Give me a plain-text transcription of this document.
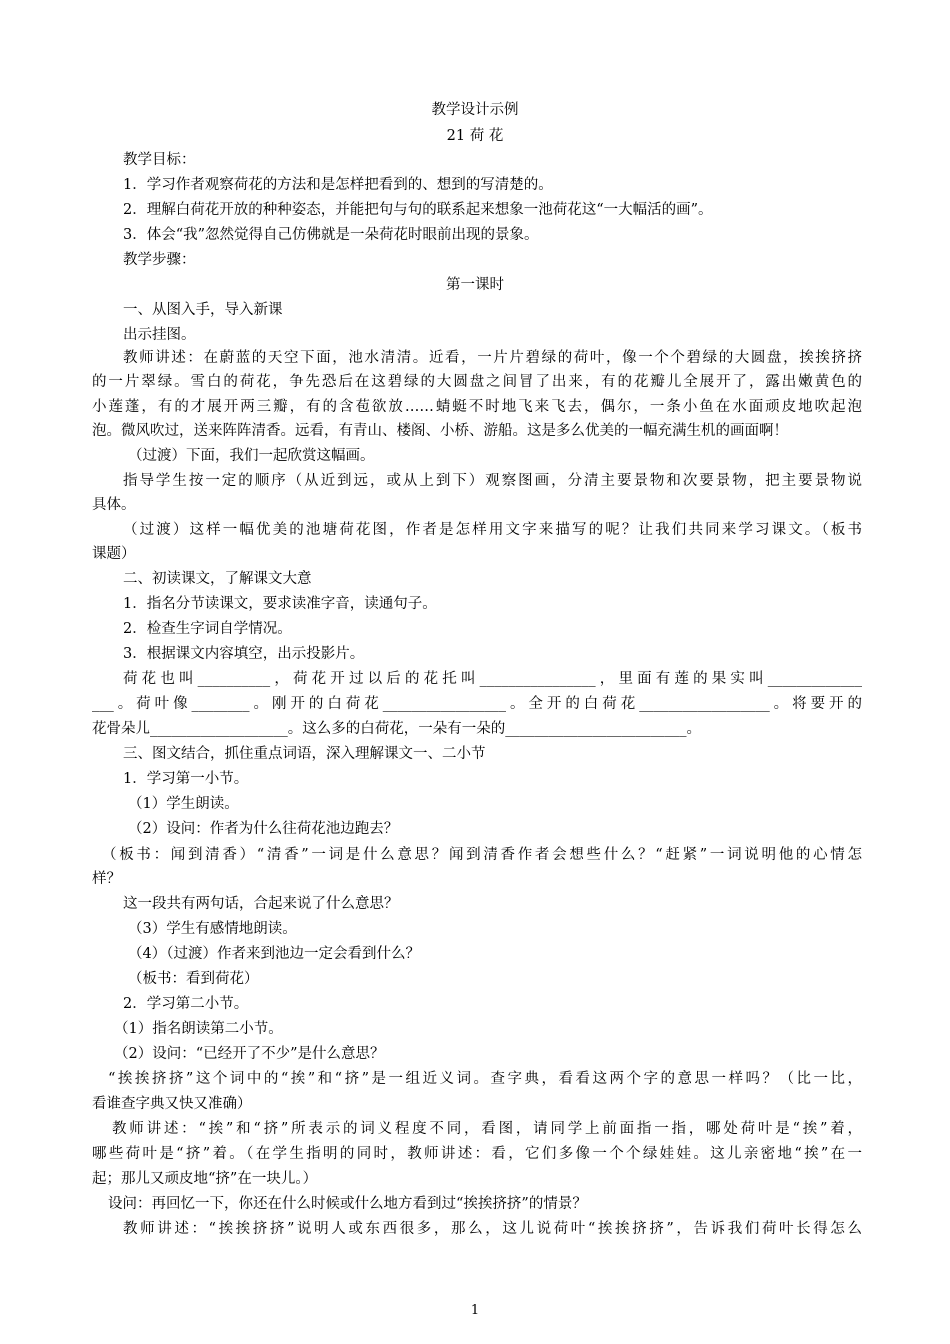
教学设计示例
21 荷 花
教学目标：
1．学习作者观察荷花的方法和是怎样把看到的、想到的写清楚的。
2．理解白荷花开放的种种姿态，并能把句与句的联系起来想象一池荷花这“一大幅活的画”。
3．体会“我”忽然觉得自己仿佛就是一朵荷花时眼前出现的景象。
教学步骤：
第一课时
一、从图入手，导入新课
出示挂图。
教师讲述：在蔚蓝的天空下面，池水清清。近看，一片片碧绿的荷叶，像一个个碧绿的大圆盘，挨挨挤挤
的一片翠绿。雪白的荷花，争先恐后在这碧绿的大圆盘之间冒了出来，有的花瓣儿全展开了，露出嫩黄色的
小莲蓬，有的才展开两三瓣，有的含苞欲放……蜻蜓不时地飞来飞去，偶尔，一条小鱼在水面顽皮地吹起泡
泡。微风吹过，送来阵阵清香。远看，有青山、楼阁、小桥、游船。这是多么优美的一幅充满生机的画面啊！
（过渡）下面，我们一起欣赏这幅画。
指导学生按一定的顺序（从近到远，或从上到下）观察图画，分清主要景物和次要景物，把主要景物说
具体。
（过渡）这样一幅优美的池塘荷花图，作者是怎样用文字来描写的呢？让我们共同来学习课文。（板书
课题）
二、初读课文，了解课文大意
1．指名分节读课文，要求读准字音，读通句子。
2．检查生字词自学情况。
3．根据课文内容填空，出示投影片。
荷花也叫__________，荷花开过以后的花托叫________________，里面有莲的果实叫_____________
___。荷叶像________。刚开的白荷花_________________。全开的白荷花__________________。将要开的
花骨朵儿___________________。这么多的白荷花，一朵有一朵的_________________________。
三、图文结合，抓住重点词语，深入理解课文一、二小节
1．学习第一小节。
（1）学生朗读。
（2）设问：作者为什么往荷花池边跑去？
（板书：闻到清香）“清香”一词是什么意思？闻到清香作者会想些什么？“赶紧”一词说明他的心情怎
样？
这一段共有两句话，合起来说了什么意思？
（3）学生有感情地朗读。
（4）（过渡）作者来到池边一定会看到什么？
（板书：看到荷花）
2．学习第二小节。
（1）指名朗读第二小节。
（2）设问：“已经开了不少”是什么意思？
“挨挨挤挤”这个词中的“挨”和“挤”是一组近义词。查字典，看看这两个字的意思一样吗？（比一比，
看谁查字典又快又准确）
教师讲述：“挨”和“挤”所表示的词义程度不同，看图，请同学上前面指一指，哪处荷叶是“挨”着，
哪些荷叶是“挤”着。（在学生指明的同时，教师讲述：看，它们多像一个个绿娃娃。这儿亲密地“挨”在一
起；那儿又顽皮地“挤”在一块儿。）
设问：再回忆一下，你还在什么时候或什么地方看到过“挨挨挤挤”的情景？
教师讲述：“挨挨挤挤”说明人或东西很多，那么，这儿说荷叶“挨挨挤挤”，告诉我们荷叶长得怎么
1
